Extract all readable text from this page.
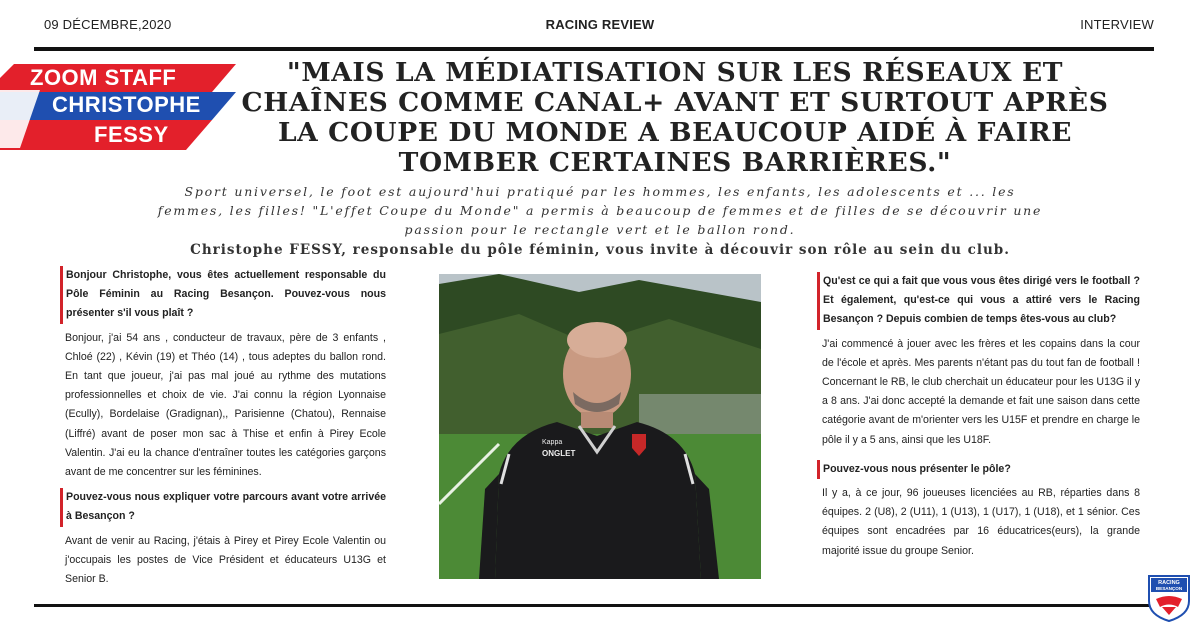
09 DÉCEMBRE,2020	RACING REVIEW	INTERVIEW
ZOOM STAFF
CHRISTOPHE
FESSY
"MAIS LA MÉDIATISATION SUR LES RÉSEAUX ET CHAÎNES COMME CANAL+ AVANT ET SURTOUT APRÈS LA COUPE DU MONDE A BEAUCOUP AIDÉ À FAIRE TOMBER CERTAINES BARRIÈRES."
Sport universel, le foot est aujourd'hui pratiqué par les hommes, les enfants, les adolescents et ... les femmes, les filles! "L'effet Coupe du Monde" a permis à beaucoup de femmes et de filles de se découvrir une passion pour le rectangle vert et le ballon rond.
Christophe FESSY, responsable du pôle féminin, vous invite à découvir son rôle au sein du club.

Bonjour Christophe, vous êtes actuellement responsable du Pôle Féminin au Racing Besançon. Pouvez-vous nous présenter s'il vous plaît ?

Bonjour, j'ai 54 ans , conducteur de travaux, père de 3 enfants , Chloé (22) , Kévin (19) et Théo (14) , tous adeptes du ballon rond. En tant que joueur, j'ai pas mal joué au rythme des mutations professionnelles et choix de vie. J'ai connu la région Lyonnaise (Ecully), Bordelaise (Gradignan),, Parisienne (Chatou), Rennaise (Liffré) avant de poser mon sac à Thise et enfin à Pirey Ecole Valentin. J'ai eu la chance d'entraîner toutes les catégories garçons avant de me concentrer sur les féminines.

Pouvez-vous nous expliquer votre parcours avant votre arrivée à Besançon ?

Avant de venir au Racing, j'étais à Pirey et Pirey Ecole Valentin ou j'occupais les postes de Vice Président et éducateurs U13G et Senior B.

Kappa
ONGLET

Qu'est ce qui a fait que vous vous êtes dirigé vers le football ? Et également, qu'est-ce qui vous a attiré vers le Racing Besançon ? Depuis combien de temps êtes-vous au club?

J'ai commencé à jouer avec les frères et les copains dans la cour de l'école et après. Mes parents n'étant pas du tout fan de football ! Concernant le RB, le club cherchait un éducateur pour les U13G il y a 8 ans. J'ai donc accepté la demande et fait une saison dans cette catégorie avant de m'orienter vers les U15F et prendre en charge le pôle il y a 5 ans, ainsi que les U18F.

Pouvez-vous nous présenter le pôle?

Il y a, à ce jour, 96 joueuses licenciées au RB, réparties dans 8 équipes. 2 (U8), 2 (U11), 1 (U13), 1 (U17), 1 (U18), et 1 sénior. Ces équipes sont encadrées par 16 éducatrices(eurs), la grande majorité issue du groupe Senior.

RACING
BESANÇON
